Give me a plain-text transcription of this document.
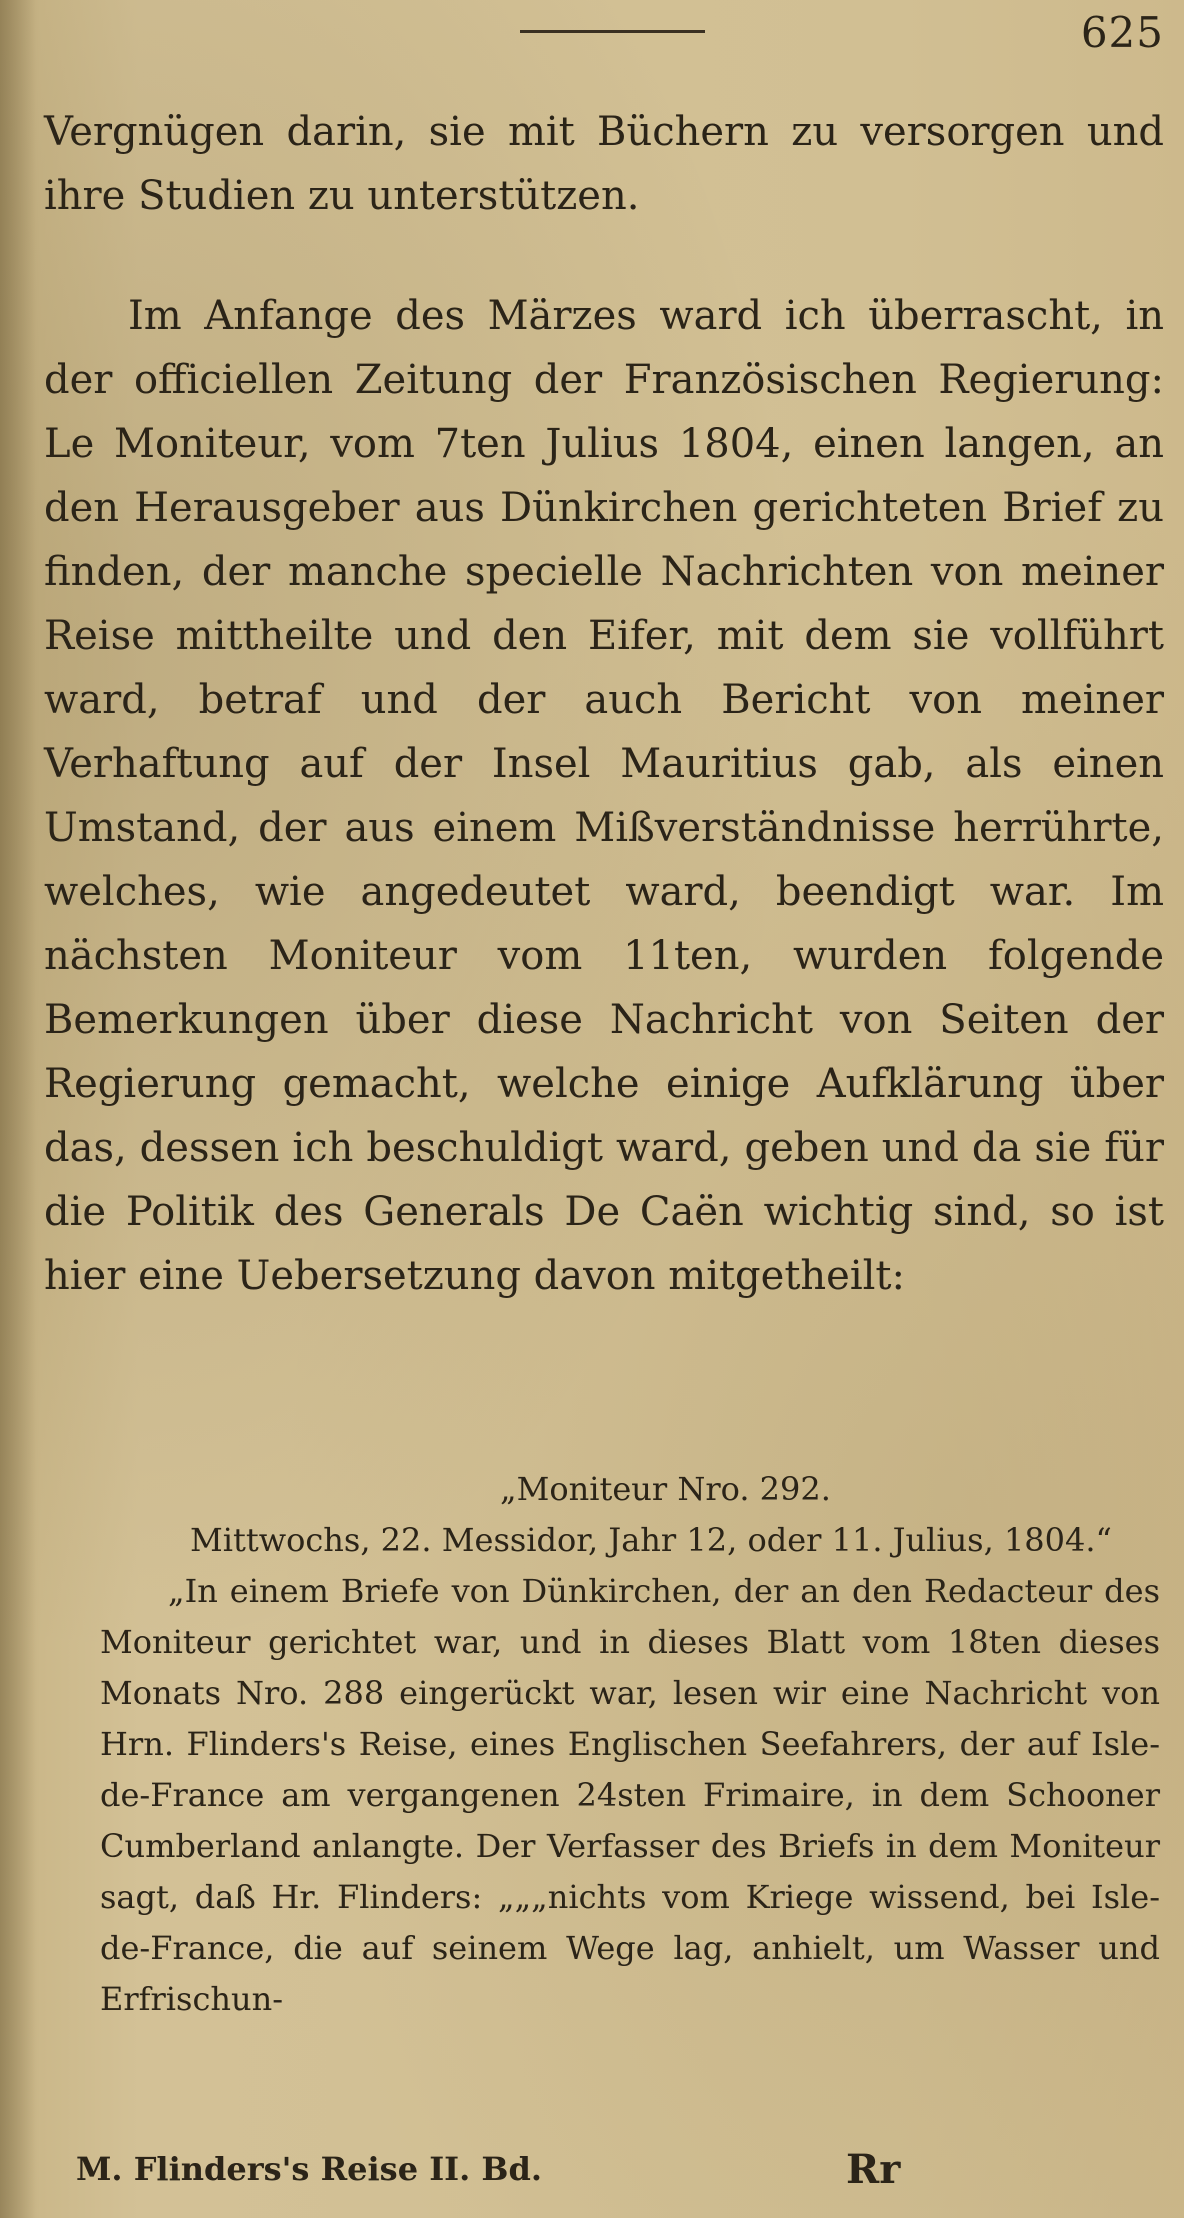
625

Vergnügen darin, sie mit Büchern zu versorgen und ihre Studien zu unterstützen.

Im Anfange des Märzes ward ich überrascht, in der officiellen Zeitung der Französischen Regierung: Le Moniteur, vom 7ten Julius 1804, einen langen, an den Herausgeber aus Dünkirchen gerichteten Brief zu finden, der manche specielle Nachrichten von meiner Reise mittheilte und den Eifer, mit dem sie vollführt ward, betraf und der auch Bericht von meiner Verhaftung auf der Insel Mauritius gab, als einen Umstand, der aus einem Mißverständnisse herrührte, welches, wie angedeutet ward, beendigt war. Im nächsten Moniteur vom 11ten, wurden folgende Bemerkungen über diese Nachricht von Seiten der Regierung gemacht, welche einige Aufklärung über das, dessen ich beschuldigt ward, geben und da sie für die Politik des Generals De Caën wichtig sind, so ist hier eine Uebersetzung davon mitgetheilt:

„Moniteur Nro. 292.

Mittwochs, 22. Messidor, Jahr 12, oder 11. Julius, 1804.“

„In einem Briefe von Dünkirchen, der an den Redacteur des Moniteur gerichtet war, und in dieses Blatt vom 18ten dieses Monats Nro. 288 eingerückt war, lesen wir eine Nachricht von Hrn. Flinders's Reise, eines Englischen Seefahrers, der auf Isle-de-France am vergangenen 24sten Frimaire, in dem Schooner Cumberland anlangte. Der Verfasser des Briefs in dem Moniteur sagt, daß Hr. Flinders: „„„nichts vom Kriege wissend, bei Isle-de-France, die auf seinem Wege lag, anhielt, um Wasser und Erfrischun-

M. Flinders's Reise II. Bd.	Rr
